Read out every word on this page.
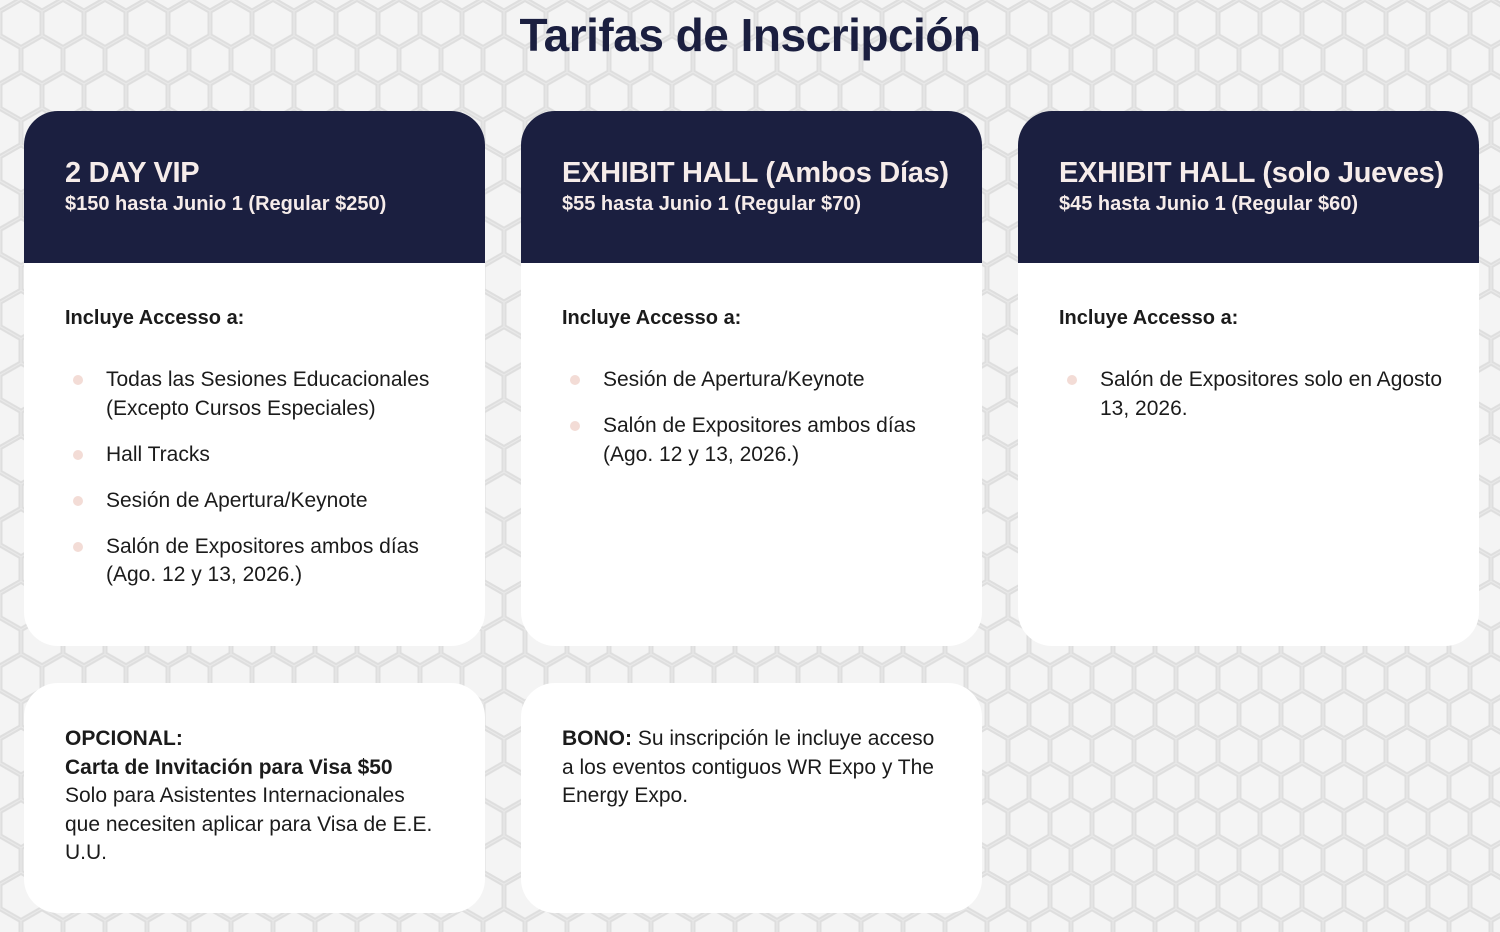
Tarifas de Inscripción
2 DAY VIP
$150 hasta Junio 1 (Regular $250)
Incluye Accesso a:
Todas las Sesiones Educacionales (Excepto Cursos Especiales)
Hall Tracks
Sesión de Apertura/Keynote
Salón de Expositores ambos días (Ago. 12 y 13, 2026.)
EXHIBIT HALL (Ambos Días)
$55 hasta Junio 1 (Regular $70)
Incluye Accesso a:
Sesión de Apertura/Keynote
Salón de Expositores ambos días (Ago. 12 y 13, 2026.)
EXHIBIT HALL (solo Jueves)
$45 hasta Junio 1 (Regular $60)
Incluye Accesso a:
Salón de Expositores solo en Agosto 13, 2026.
OPCIONAL:
Carta de Invitación para Visa $50
Solo para Asistentes Internacionales que necesiten aplicar para Visa de E.E. U.U.
BONO: Su inscripción le incluye acceso a los eventos contiguos WR Expo y The Energy Expo.
